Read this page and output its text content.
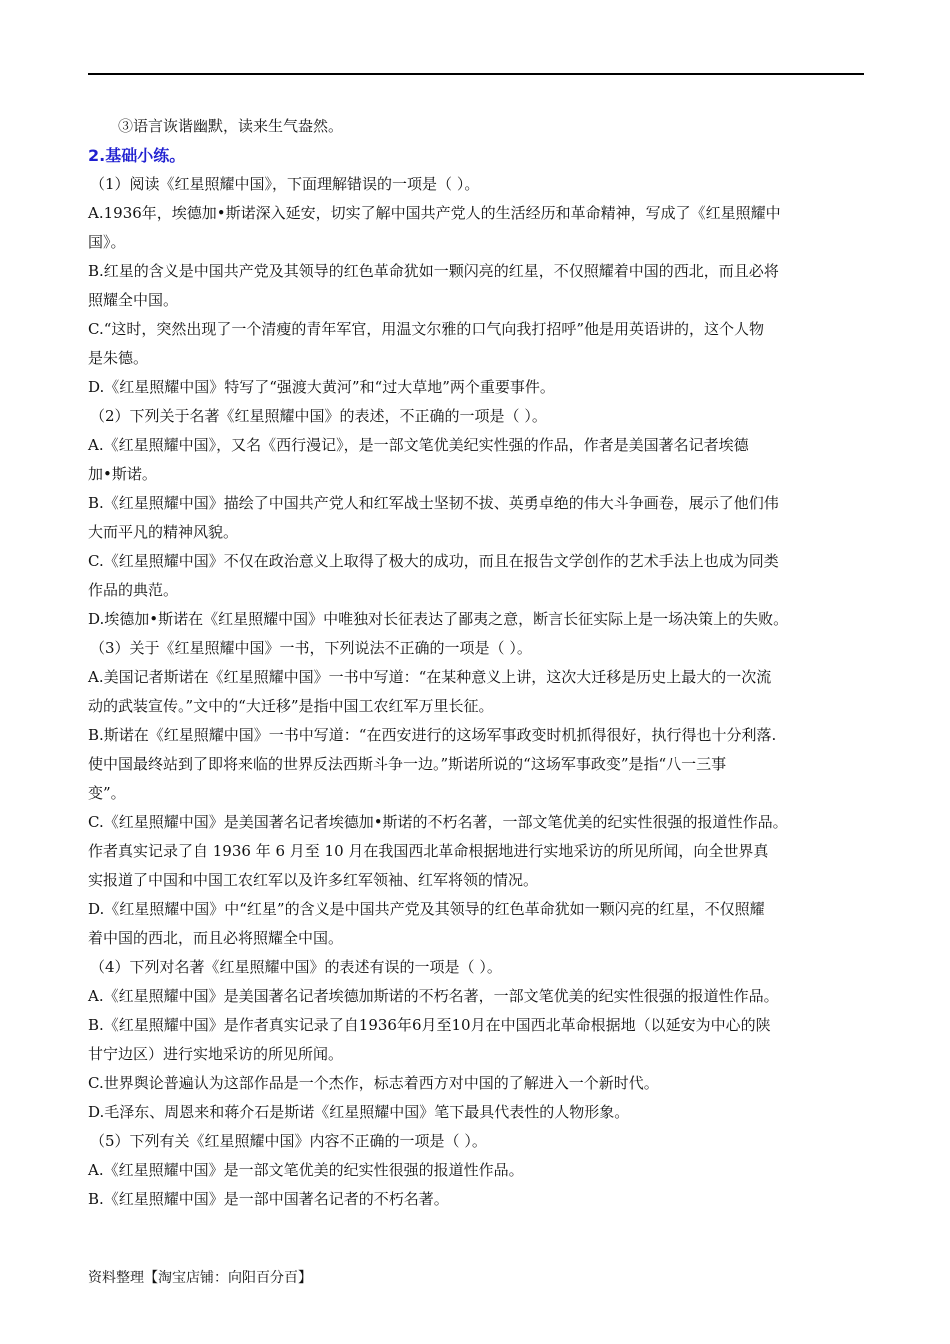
③语言诙谐幽默，读来生气盎然。
2.基础小练。
（1）阅读《红星照耀中国》，下面理解错误的一项是（ ）。
A.1936年，埃德加•斯诺深入延安，切实了解中国共产党人的生活经历和革命精神，写成了《红星照耀中
国》。
B.红星的含义是中国共产党及其领导的红色革命犹如一颗闪亮的红星，不仅照耀着中国的西北，而且必将
照耀全中国。
C.“这时，突然出现了一个清瘦的青年军官，用温文尔雅的口气向我打招呼”他是用英语讲的，这个人物
是朱德。
D.《红星照耀中国》特写了“强渡大黄河”和“过大草地”两个重要事件。
（2）下列关于名著《红星照耀中国》的表述，不正确的一项是（ ）。
A.《红星照耀中国》，又名《西行漫记》，是一部文笔优美纪实性强的作品，作者是美国著名记者埃德
加•斯诺。
B.《红星照耀中国》描绘了中国共产党人和红军战士坚韧不拔、英勇卓绝的伟大斗争画卷，展示了他们伟
大而平凡的精神风貌。
C.《红星照耀中国》不仅在政治意义上取得了极大的成功，而且在报告文学创作的艺术手法上也成为同类
作品的典范。
D.埃德加•斯诺在《红星照耀中国》中唯独对长征表达了鄙夷之意，断言长征实际上是一场决策上的失败。
（3）关于《红星照耀中国》一书，下列说法不正确的一项是（ ）。
A.美国记者斯诺在《红星照耀中国》一书中写道：“在某种意义上讲，这次大迁移是历史上最大的一次流
动的武装宣传。”文中的“大迁移”是指中国工农红军万里长征。
B.斯诺在《红星照耀中国》一书中写道：“在西安进行的这场军事政变时机抓得很好，执行得也十分利落.
使中国最终站到了即将来临的世界反法西斯斗争一边。”斯诺所说的“这场军事政变”是指“八一三事
变”。
C.《红星照耀中国》是美国著名记者埃德加•斯诺的不朽名著，一部文笔优美的纪实性很强的报道性作品。
作者真实记录了自 1936 年 6 月至 10 月在我国西北革命根据地进行实地采访的所见所闻，向全世界真
实报道了中国和中国工农红军以及许多红军领袖、红军将领的情况。
D.《红星照耀中国》中“红星”的含义是中国共产党及其领导的红色革命犹如一颗闪亮的红星，不仅照耀
着中国的西北，而且必将照耀全中国。
（4）下列对名著《红星照耀中国》的表述有误的一项是（ ）。
A.《红星照耀中国》是美国著名记者埃德加斯诺的不朽名著，一部文笔优美的纪实性很强的报道性作品。
B.《红星照耀中国》是作者真实记录了自1936年6月至10月在中国西北革命根据地（以延安为中心的陕
甘宁边区）进行实地采访的所见所闻。
C.世界舆论普遍认为这部作品是一个杰作，标志着西方对中国的了解进入一个新时代。
D.毛泽东、周恩来和蒋介石是斯诺《红星照耀中国》笔下最具代表性的人物形象。
（5）下列有关《红星照耀中国》内容不正确的一项是（ ）。
A.《红星照耀中国》是一部文笔优美的纪实性很强的报道性作品。
B.《红星照耀中国》是一部中国著名记者的不朽名著。
资料整理【淘宝店铺：向阳百分百】
